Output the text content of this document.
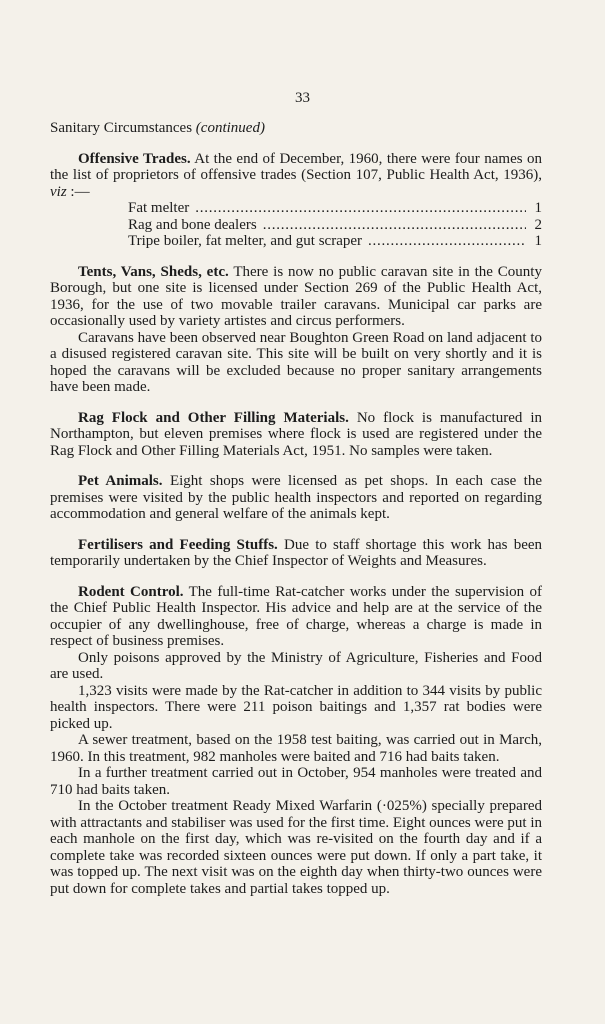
33

Sanitary Circumstances (continued)

Offensive Trades. At the end of December, 1960, there were four names on the list of proprietors of offensive trades (Section 107, Public Health Act, 1936), viz :—

Fat melter . . .	1
Rag and bone dealers . . .	2
Tripe boiler, fat melter, and gut scraper . . .	1

Tents, Vans, Sheds, etc. There is now no public caravan site in the County Borough, but one site is licensed under Section 269 of the Public Health Act, 1936, for the use of two movable trailer caravans. Municipal car parks are occasionally used by variety artistes and circus performers.

Caravans have been observed near Boughton Green Road on land adjacent to a disused registered caravan site. This site will be built on very shortly and it is hoped the caravans will be excluded because no proper sanitary arrangements have been made.

Rag Flock and Other Filling Materials. No flock is manufactured in Northampton, but eleven premises where flock is used are registered under the Rag Flock and Other Filling Materials Act, 1951. No samples were taken.

Pet Animals. Eight shops were licensed as pet shops. In each case the premises were visited by the public health inspectors and reported on regarding accommodation and general welfare of the animals kept.

Fertilisers and Feeding Stuffs. Due to staff shortage this work has been temporarily undertaken by the Chief Inspector of Weights and Measures.

Rodent Control. The full-time Rat-catcher works under the supervision of the Chief Public Health Inspector. His advice and help are at the service of the occupier of any dwellinghouse, free of charge, whereas a charge is made in respect of business premises.

Only poisons approved by the Ministry of Agriculture, Fisheries and Food are used.

1,323 visits were made by the Rat-catcher in addition to 344 visits by public health inspectors. There were 211 poison baitings and 1,357 rat bodies were picked up.

A sewer treatment, based on the 1958 test baiting, was carried out in March, 1960. In this treatment, 982 manholes were baited and 716 had baits taken.

In a further treatment carried out in October, 954 manholes were treated and 710 had baits taken.

In the October treatment Ready Mixed Warfarin (·025%) specially prepared with attractants and stabiliser was used for the first time. Eight ounces were put in each manhole on the first day, which was re-visited on the fourth day and if a complete take was recorded sixteen ounces were put down. If only a part take, it was topped up. The next visit was on the eighth day when thirty-two ounces were put down for complete takes and partial takes topped up.
